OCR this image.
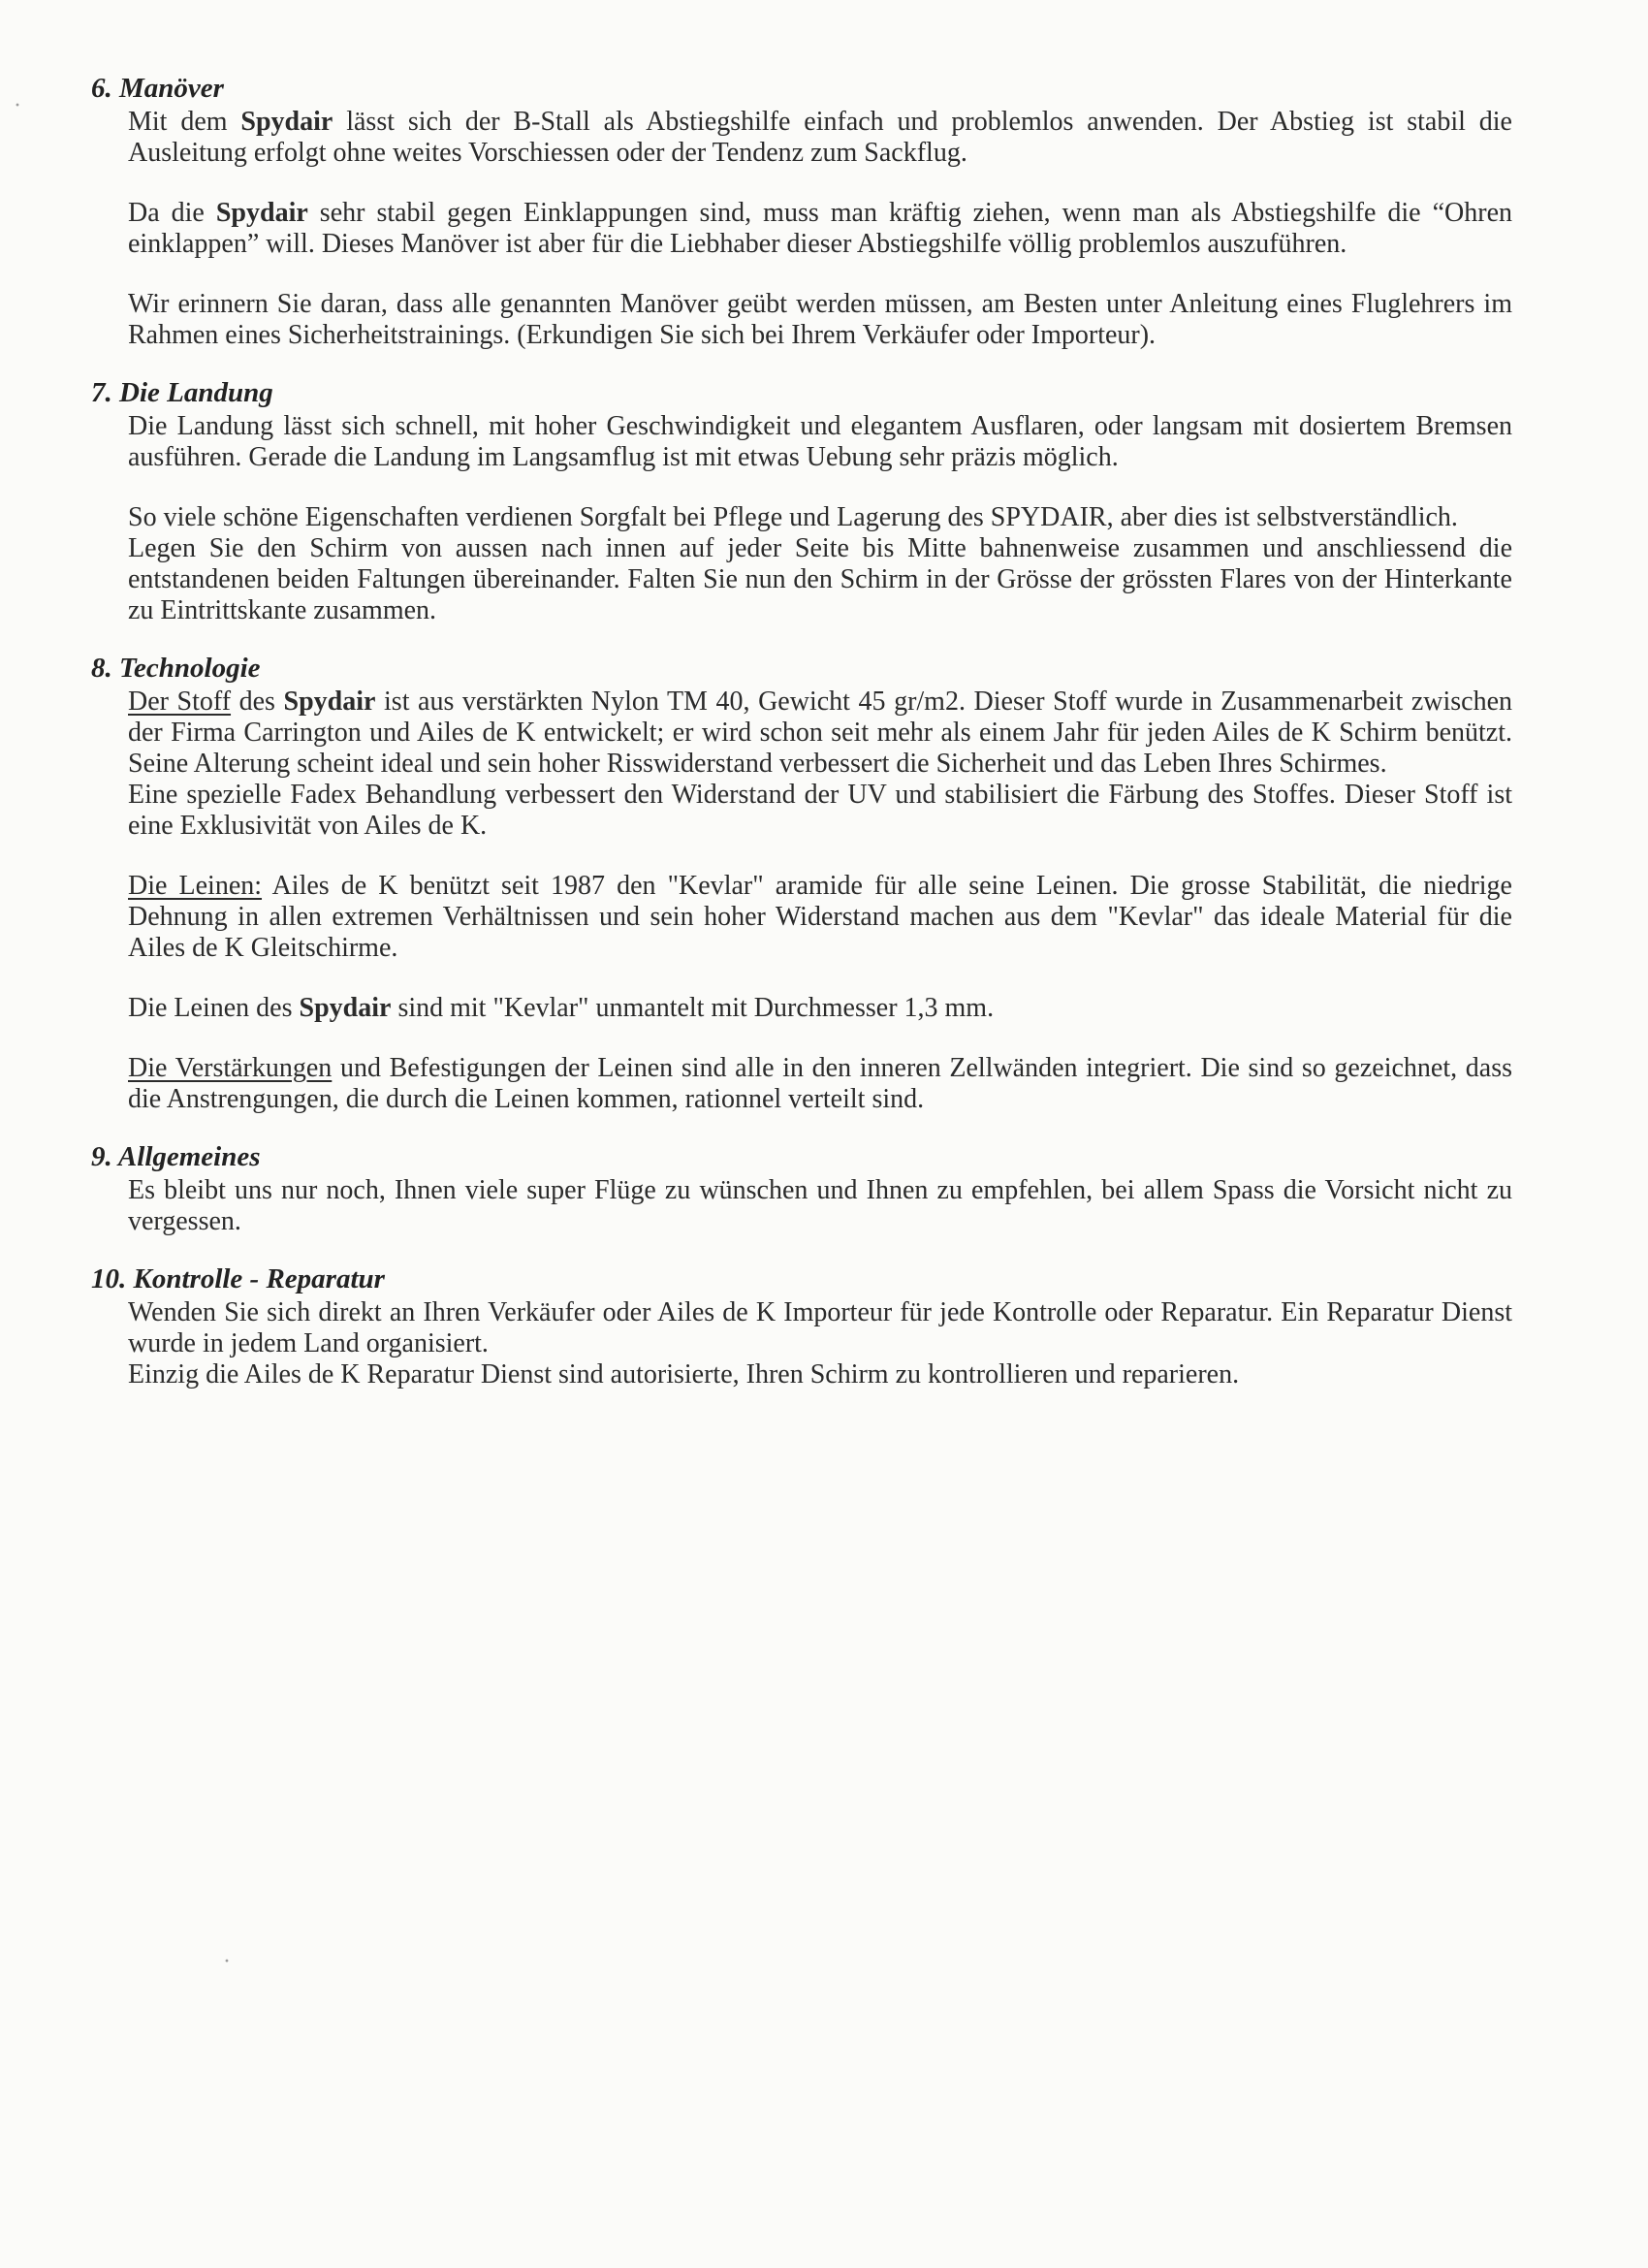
6. Manöver

Mit dem Spydair lässt sich der B-Stall als Abstiegshilfe einfach und problemlos anwenden. Der Abstieg ist stabil die Ausleitung erfolgt ohne weites Vorschiessen oder der Tendenz zum Sackflug.

Da die Spydair sehr stabil gegen Einklappungen sind, muss man kräftig ziehen, wenn man als Abstiegshilfe die “Ohren einklappen” will. Dieses Manöver ist aber für die Liebhaber dieser Abstiegshilfe völlig problemlos auszuführen.

Wir erinnern Sie daran, dass alle genannten Manöver geübt werden müssen, am Besten unter Anleitung eines Fluglehrers im Rahmen eines Sicherheitstrainings. (Erkundigen Sie sich bei Ihrem Verkäufer oder Importeur).

7. Die Landung

Die Landung lässt sich schnell, mit hoher Geschwindigkeit und elegantem Ausflaren, oder langsam mit dosiertem Bremsen ausführen. Gerade die Landung im Langsamflug ist mit etwas Uebung sehr präzis möglich.

So viele schöne Eigenschaften verdienen Sorgfalt bei Pflege und Lagerung des SPYDAIR, aber dies ist selbstverständlich.

Legen Sie den Schirm von aussen nach innen auf jeder Seite bis Mitte bahnenweise zusammen und anschliessend die entstandenen beiden Faltungen übereinander. Falten Sie nun den Schirm in der Grösse der grössten Flares von der Hinterkante zu Eintrittskante zusammen.

8. Technologie

Der Stoff des Spydair ist aus verstärkten Nylon TM 40, Gewicht 45 gr/m2. Dieser Stoff wurde in Zusammenarbeit zwischen der Firma Carrington und Ailes de K entwickelt; er wird schon seit mehr als einem Jahr für jeden Ailes de K Schirm benützt. Seine Alterung scheint ideal und sein hoher Risswiderstand verbessert die Sicherheit und das Leben Ihres Schirmes.

Eine spezielle Fadex Behandlung verbessert den Widerstand der UV und stabilisiert die Färbung des Stoffes. Dieser Stoff ist eine Exklusivität von Ailes de K.

Die Leinen: Ailes de K benützt seit 1987 den "Kevlar" aramide für alle seine Leinen. Die grosse Stabilität, die niedrige Dehnung in allen extremen Verhältnissen und sein hoher Widerstand machen aus dem "Kevlar" das ideale Material für die Ailes de K Gleitschirme.

Die Leinen des Spydair sind mit "Kevlar" unmantelt mit Durchmesser 1,3 mm.

Die Verstärkungen und Befestigungen der Leinen sind alle in den inneren Zellwänden integriert. Die sind so gezeichnet, dass die Anstrengungen, die durch die Leinen kommen, rationnel verteilt sind.

9. Allgemeines

Es bleibt uns nur noch, Ihnen viele super Flüge zu wünschen und Ihnen zu empfehlen, bei allem Spass die Vorsicht nicht zu vergessen.

10. Kontrolle - Reparatur

Wenden Sie sich direkt an Ihren Verkäufer oder Ailes de K Importeur für jede Kontrolle oder Reparatur. Ein Reparatur Dienst wurde in jedem Land organisiert.

Einzig die Ailes de K Reparatur Dienst sind autorisierte, Ihren Schirm zu kontrollieren und reparieren.

·
·
